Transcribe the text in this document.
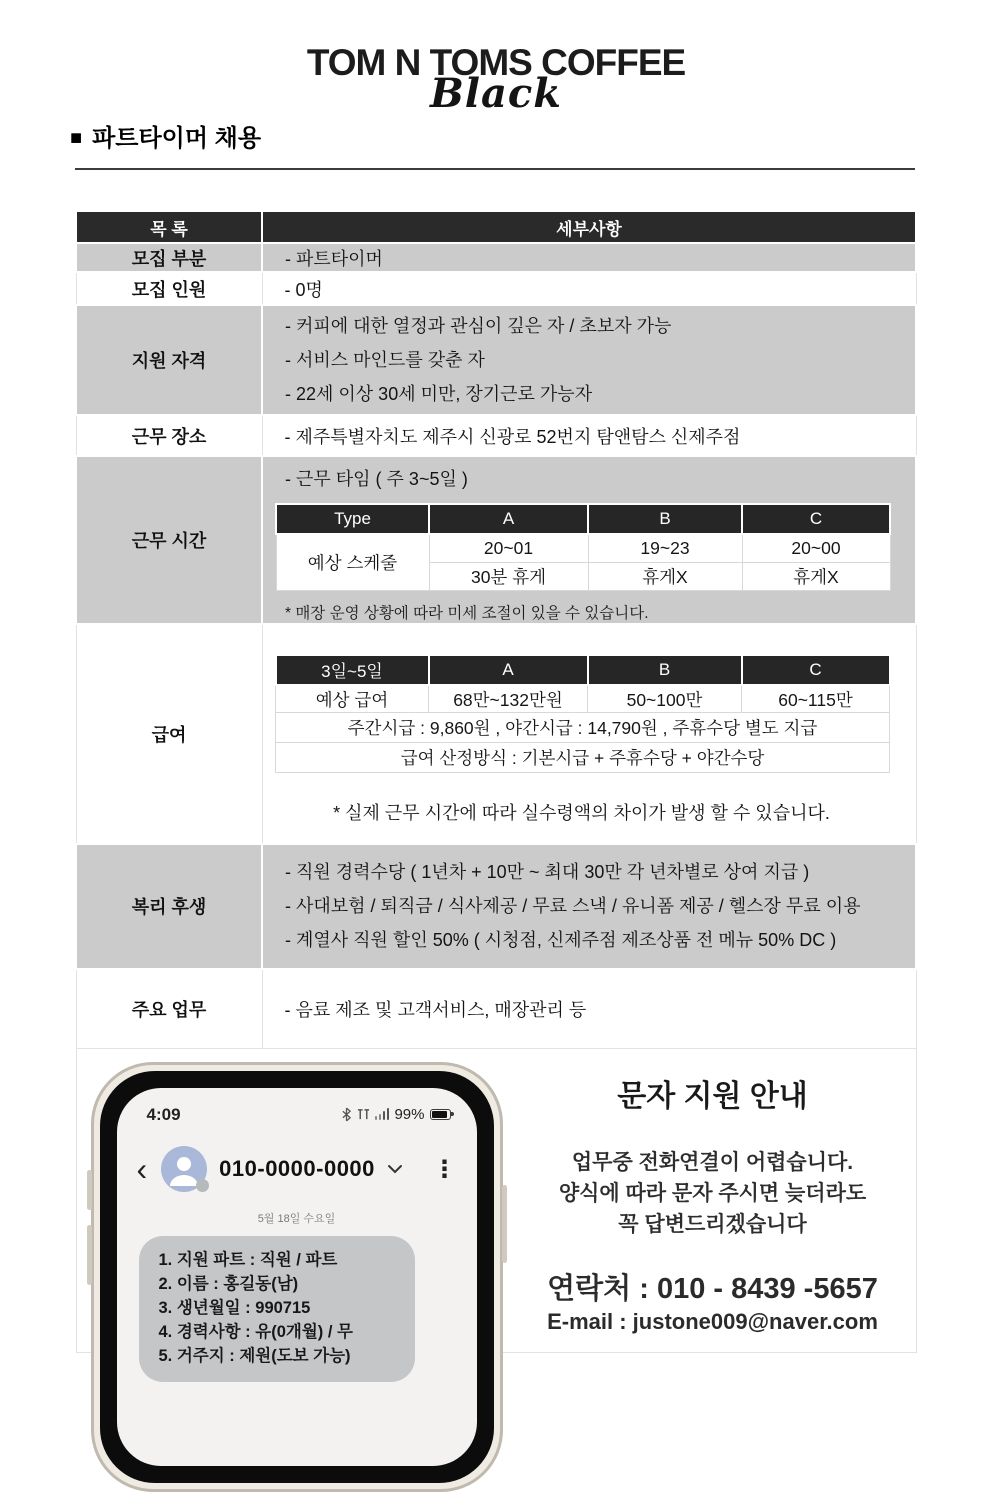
TOM N TOMS COFFEE
Black
■ 파트타이머 채용
목 록	세부사항
모집 부분	- 파트타이머
모집 인원	- 0명
지원 자격	
- 커피에 대한 열정과 관심이 깊은 자 / 초보자 가능
- 서비스 마인드를 갖춘 자
- 22세 이상 30세 미만, 장기근로 가능자

근무 장소	- 제주특별자치도 제주시 신광로 52번지 탐앤탐스 신제주점
근무 시간	
- 근무 타임 ( 주 3~5일 )
Type	A	B	C
예상 스케줄	20~01	19~23	20~00
30분 휴게	휴게X	휴게X
* 매장 운영 상황에 따라 미세 조절이 있을 수 있습니다.

급여	
3일~5일	A	B	C
예상 급여	68만~132만원	50~100만	60~115만
주간시급 : 9,860원 , 야간시급 : 14,790원 , 주휴수당 별도 지급
급여 산정방식 : 기본시급 + 주휴수당 + 야간수당
* 실제 근무 시간에 따라 실수령액의 차이가 발생 할 수 있습니다.

복리 후생	
- 직원 경력수당 ( 1년차 + 10만 ~ 최대 30만 각 년차별로 상여 지급 )
- 사대보험 / 퇴직금 / 식사제공 / 무료 스낵 / 유니폼 제공 / 헬스장 무료 이용
- 계열사 직원 할인 50% ( 시청점, 신제주점 제조상품 전 메뉴 50% DC )

주요 업무	- 음료 제조 및 고객서비스, 매장관리 등

4:09	99%
‹	010-0000-0000 ⋮
5월 18일 수요일
1. 지원 파트 : 직원 / 파트
2. 이름 : 홍길동(남)
3. 생년월일 : 990715
4. 경력사항 : 유(0개월) / 무
5. 거주지 : 제원(도보 가능)
문자 지원 안내
업무중 전화연결이 어렵습니다.
양식에 따라 문자 주시면 늦더라도
꼭 답변드리겠습니다
연락처 : 010 - 8439 -5657
E-mail : justone009@naver.com
